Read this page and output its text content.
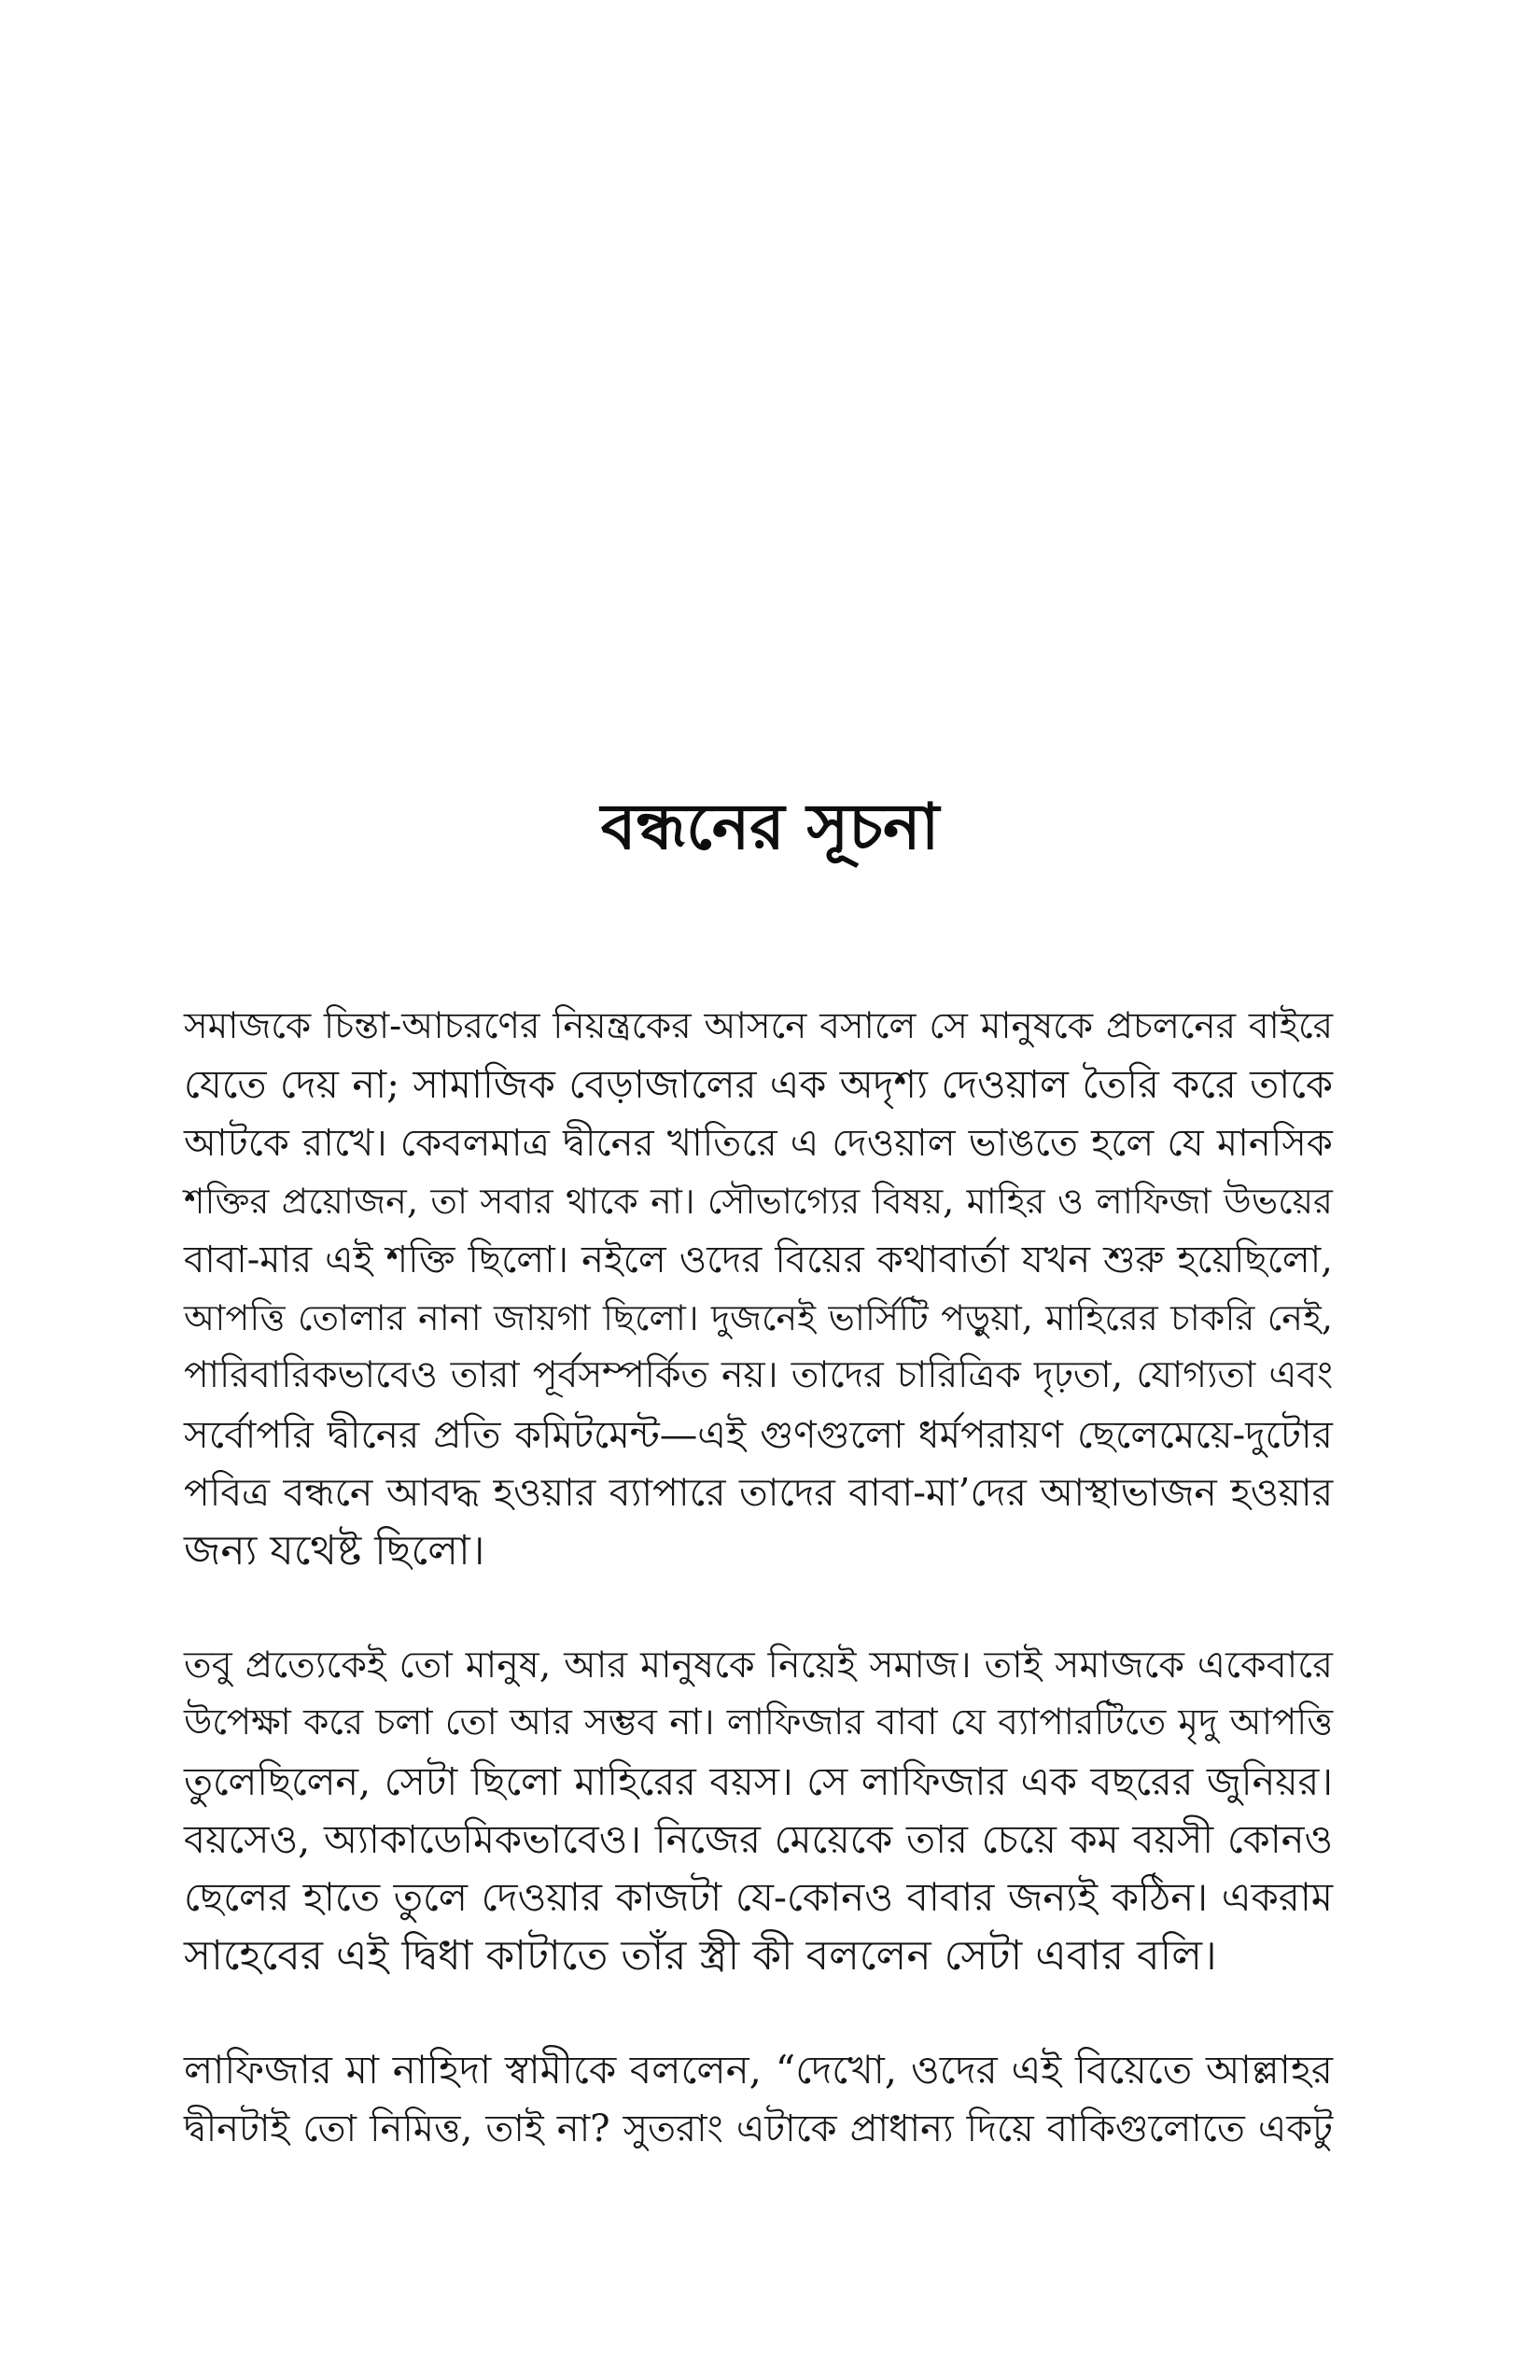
বন্ধনের সূচনা
সমাজকে চিন্তা-আচরণের নিয়ন্ত্রকের আসনে বসালে সে মানুষকে প্রচলনের বাইরে
যেতে দেয় না; সামাজিক বেড়াজালের এক অদৃশ্য দেওয়াল তৈরি করে তাকে
আটকে রাখে। কেবলমাত্র দ্বীনের খাতিরে এ দেওয়াল ভাঙতে হলে যে মানসিক
শক্তির প্রয়োজন, তা সবার থাকে না। সৌভাগ্যের বিষয়, মাহির ও লাফিজা উভয়ের
বাবা-মার এই শক্তি ছিলো। নইলে ওদের বিয়ের কথাবার্তা যখন শুরু হয়েছিলো,
আপত্তি তোলার নানা জায়গা ছিলো। দুজনেই ভার্সিটি পড়ুয়া, মাহিরের চাকরি নেই,
পারিবারিকভাবেও তারা পূর্বসম্পর্কিত নয়। তাদের চারিত্রিক দৃঢ়তা, যোগ্যতা এবং
সর্বোপরি দ্বীনের প্রতি কমিটমেন্ট—এই গুণগুলো ধর্মপরায়ণ ছেলেমেয়ে-দুটোর
পবিত্র বন্ধনে আবদ্ধ হওয়ার ব্যাপারে তাদের বাবা-মা’দের আস্থাভাজন হওয়ার
জন্য যথেষ্ট ছিলো।
তবু প্রত্যেকেই তো মানুষ, আর মানুষকে নিয়েই সমাজ। তাই সমাজকে একেবারে
উপেক্ষা করে চলা তো আর সম্ভব না। লাফিজার বাবা যে ব্যাপারটিতে মৃদু আপত্তি
তুলেছিলেন, সেটা ছিলো মাহিরের বয়স। সে লাফিজার এক বছরের জুনিয়র।
বয়সেও, অ্যাকাডেমিকভাবেও। নিজের মেয়েকে তার চেয়ে কম বয়সী কোনও
ছেলের হাতে তুলে দেওয়ার কাজটা যে-কোনও বাবার জন্যই কঠিন। একরাম
সাহেবের এই দ্বিধা কাটাতে তাঁর স্ত্রী কী বললেন সেটা এবার বলি।
লাফিজার মা নাহিদা স্বামীকে বললেন, “দেখো, ওদের এই বিয়েতে আল্লাহর
দ্বীনটাই তো নিমিত্ত, তাই না? সুতরাং এটাকে প্রাধান্য দিয়ে বাকিগুলোতে একটু
